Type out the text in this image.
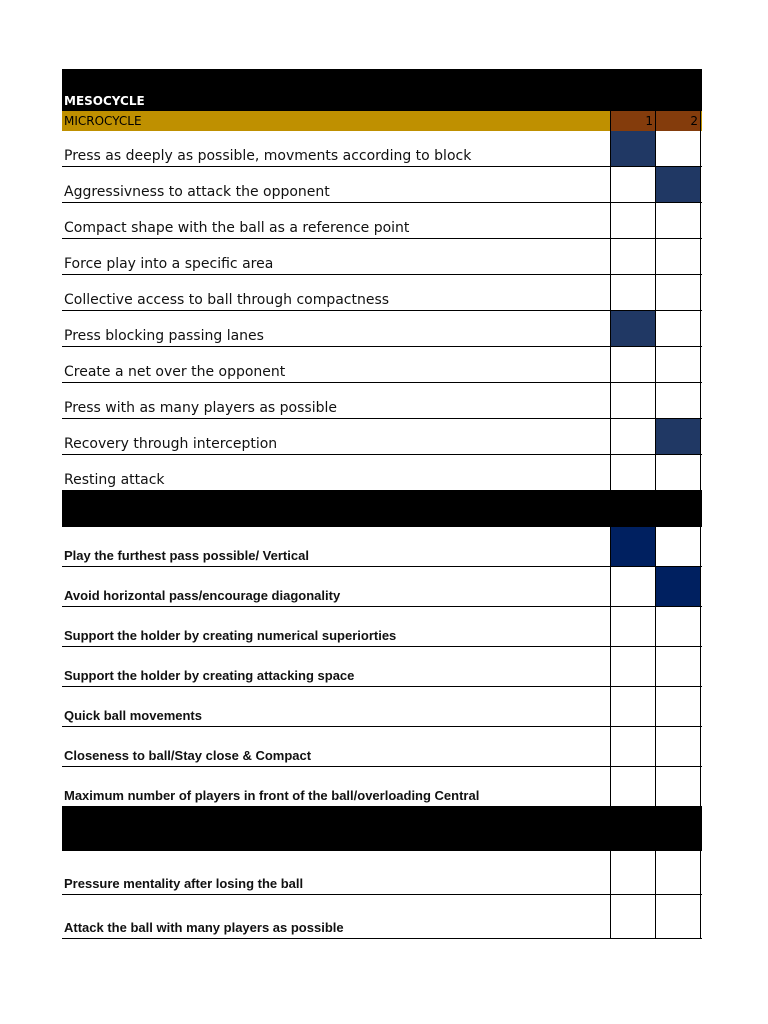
MESOCYCLE
MICROCYCLE	1	2
Press as deeply as possible, movments according to block
Aggressivness to attack the opponent
Compact shape with the ball as a reference point
Force play into a specific area
Collective access to ball through compactness
Press blocking passing lanes
Create a net over the opponent
Press with as many players as possible
Recovery through interception
Resting attack
Play the furthest pass possible/ Vertical
Avoid horizontal pass/encourage diagonality
Support the holder by creating numerical superiorties
Support the holder by creating attacking space
Quick ball movements
Closeness to ball/Stay close & Compact
Maximum number of players in front of the ball/overloading Central
Pressure mentality after losing the ball
Attack the ball with many players as possible
